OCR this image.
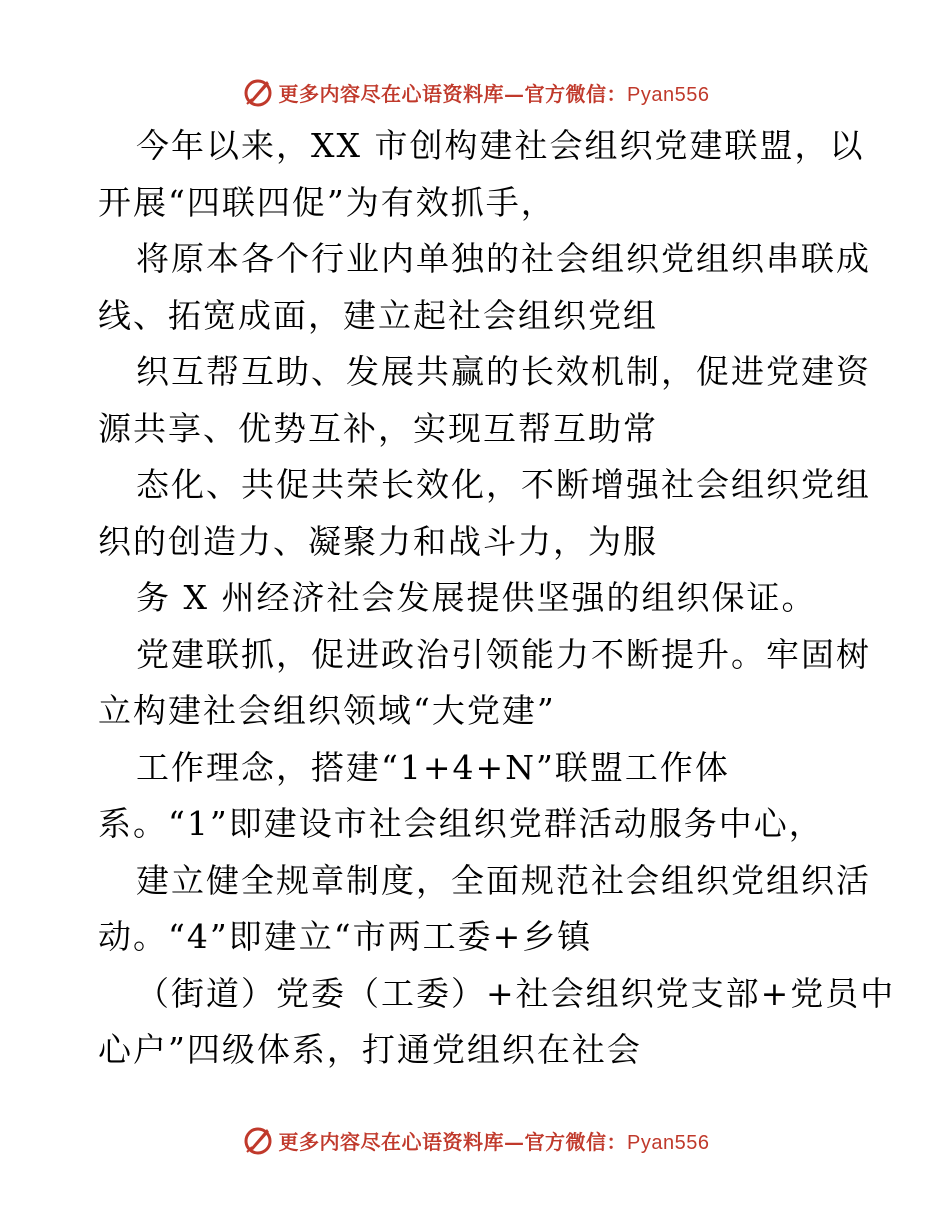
更多内容尽在心语资料库—官方微信：Pyan556
今年以来，XX 市创构建社会组织党建联盟，以
开展“四联四促”为有效抓手，
将原本各个行业内单独的社会组织党组织串联成
线、拓宽成面，建立起社会组织党组
织互帮互助、发展共赢的长效机制，促进党建资
源共享、优势互补，实现互帮互助常
态化、共促共荣长效化，不断增强社会组织党组
织的创造力、凝聚力和战斗力，为服
务 X 州经济社会发展提供坚强的组织保证。
党建联抓，促进政治引领能力不断提升。牢固树
立构建社会组织领域“大党建”
工作理念，搭建“1+4+N”联盟工作体
系。“1”即建设市社会组织党群活动服务中心，
建立健全规章制度，全面规范社会组织党组织活
动。“4”即建立“市两工委+乡镇
（街道）党委（工委）+社会组织党支部+党员中
心户”四级体系，打通党组织在社会
更多内容尽在心语资料库—官方微信：Pyan556
